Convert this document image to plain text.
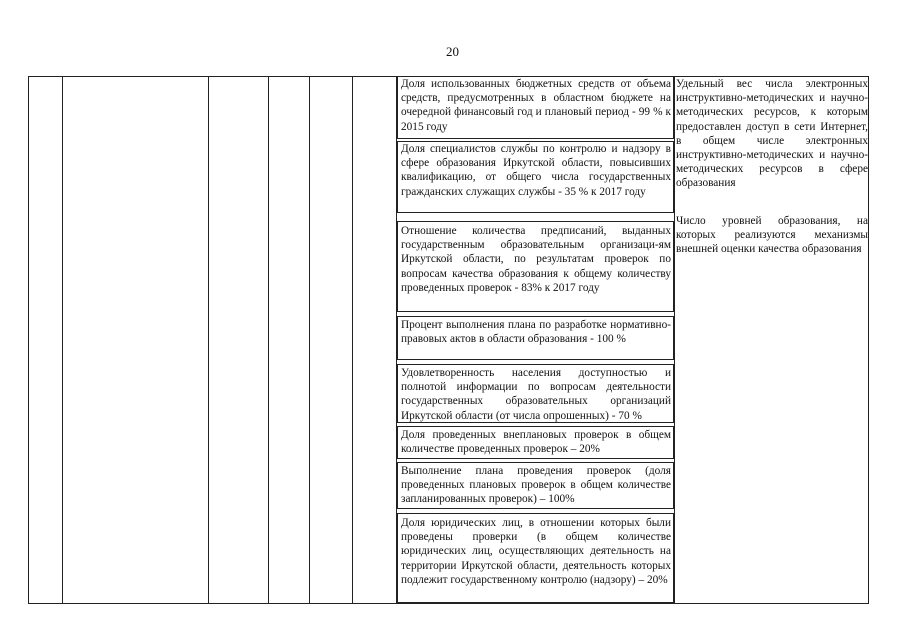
20
Доля использованных бюджетных средств от объема средств, предусмотренных в областном бюджете на очередной финансовый год и плановый период - 99 % к 2015 году
Доля специалистов службы по контролю и надзору в сфере образования Иркутской области, повысивших квалификацию, от общего числа государственных гражданских служащих службы - 35 % к 2017 году
Отношение количества предписаний, выданных государственным образовательным организаци-ям Иркутской области, по результатам проверок по вопросам качества образования к общему количеству проведенных проверок - 83% к 2017 году
Процент выполнения плана по разработке нормативно-правовых актов в области образования - 100 %
Удовлетворенность населения доступностью и полнотой информации по вопросам деятельности государственных образовательных организаций Иркутской области (от числа опрошенных) - 70 %
Доля проведенных внеплановых проверок в общем количестве проведенных проверок – 20%
Выполнение плана проведения проверок (доля проведенных плановых проверок в общем количестве запланированных проверок) – 100%
Доля юридических лиц, в отношении которых были проведены проверки (в общем количестве юридических лиц, осуществляющих деятельность на территории Иркутской области, деятельность которых подлежит государственному контролю (надзору) – 20%
Удельный вес числа электронных инструктивно-методических и научно-методических ресурсов, к которым предоставлен доступ в сети Интернет, в общем числе электронных инструктивно-методических и научно-методических ресурсов в сфере образования
Число уровней образования, на которых реализуются механизмы внешней оценки качества образования
